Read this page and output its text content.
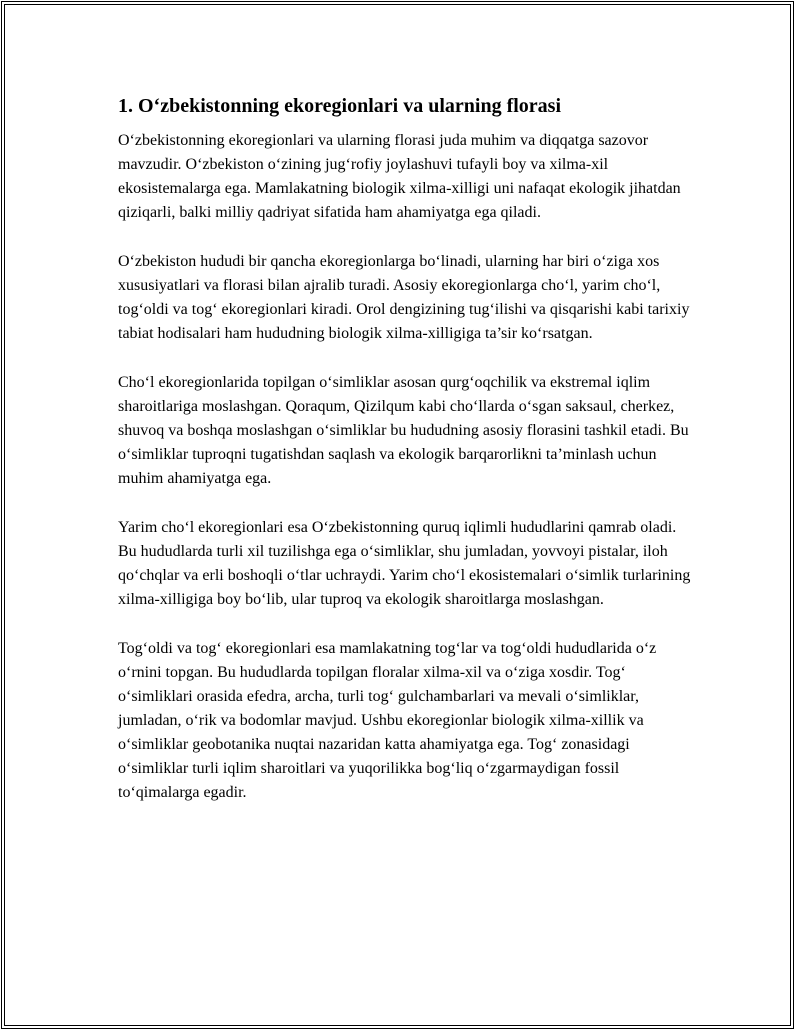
1. O‘zbekistonning ekoregionlari va ularning florasi

O‘zbekistonning ekoregionlari va ularning florasi juda muhim va diqqatga sazovor mavzudir. O‘zbekiston o‘zining jug‘rofiy joylashuvi tufayli boy va xilma-xil ekosistemalarga ega. Mamlakatning biologik xilma-xilligi uni nafaqat ekologik jihatdan qiziqarli, balki milliy qadriyat sifatida ham ahamiyatga ega qiladi.

O‘zbekiston hududi bir qancha ekoregionlarga bo‘linadi, ularning har biri o‘ziga xos xususiyatlari va florasi bilan ajralib turadi. Asosiy ekoregionlarga cho‘l, yarim cho‘l, tog‘oldi va tog‘ ekoregionlari kiradi. Orol dengizining tug‘ilishi va qisqarishi kabi tarixiy tabiat hodisalari ham hududning biologik xilma-xilligiga ta’sir ko‘rsatgan.

Cho‘l ekoregionlarida topilgan o‘simliklar asosan qurg‘oqchilik va ekstremal iqlim sharoitlariga moslashgan. Qoraqum, Qizilqum kabi cho‘llarda o‘sgan saksaul, cherkez, shuvoq va boshqa moslashgan o‘simliklar bu hududning asosiy florasini tashkil etadi. Bu o‘simliklar tuproqni tugatishdan saqlash va ekologik barqarorlikni ta’minlash uchun muhim ahamiyatga ega.

Yarim cho‘l ekoregionlari esa O‘zbekistonning quruq iqlimli hududlarini qamrab oladi. Bu hududlarda turli xil tuzilishga ega o‘simliklar, shu jumladan, yovvoyi pistalar, iloh qo‘chqlar va erli boshoqli o‘tlar uchraydi. Yarim cho‘l ekosistemalari o‘simlik turlarining xilma-xilligiga boy bo‘lib, ular tuproq va ekologik sharoitlarga moslashgan.

Tog‘oldi va tog‘ ekoregionlari esa mamlakatning tog‘lar va tog‘oldi hududlarida o‘z o‘rnini topgan. Bu hududlarda topilgan floralar xilma-xil va o‘ziga xosdir. Tog‘ o‘simliklari orasida efedra, archa, turli tog‘ gulchambarlari va mevali o‘simliklar, jumladan, o‘rik va bodomlar mavjud. Ushbu ekoregionlar biologik xilma-xillik va o‘simliklar geobotanika nuqtai nazaridan katta ahamiyatga ega. Tog‘ zonasidagi o‘simliklar turli iqlim sharoitlari va yuqorilikka bog‘liq o‘zgarmaydigan fossil to‘qimalarga egadir.
